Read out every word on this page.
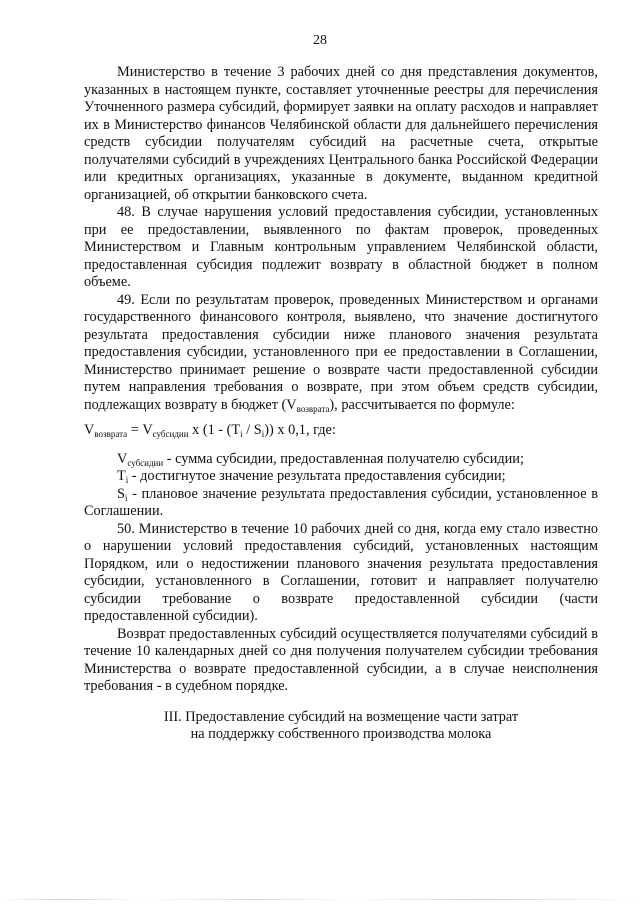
28

Министерство в течение 3 рабочих дней со дня представления документов, указанных в настоящем пункте, составляет уточненные реестры для перечисления Уточненного размера субсидий, формирует заявки на оплату расходов и направляет их в Министерство финансов Челябинской области для дальнейшего перечисления средств субсидии получателям субсидий на расчетные счета, открытые получателями субсидий в учреждениях Центрального банка Российской Федерации или кредитных организациях, указанные в документе, выданном кредитной организацией, об открытии банковского счета.

48. В случае нарушения условий предоставления субсидии, установленных при ее предоставлении, выявленного по фактам проверок, проведенных Министерством и Главным контрольным управлением Челябинской области, предоставленная субсидия подлежит возврату в областной бюджет в полном объеме.

49. Если по результатам проверок, проведенных Министерством и органами государственного финансового контроля, выявлено, что значение достигнутого результата предоставления субсидии ниже планового значения результата предоставления субсидии, установленного при ее предоставлении в Соглашении, Министерство принимает решение о возврате части предоставленной субсидии путем направления требования о возврате, при этом объем средств субсидии, подлежащих возврату в бюджет $(V_{возврата})$, рассчитывается по формуле:

$V_{возврата} = V_{субсидии}$ x $(1 - (T_i / S_i))$ x 0,1, где:

$V_{субсидии}$ - сумма субсидии, предоставленная получателю субсидии;

$T_i$ - достигнутое значение результата предоставления субсидии;

$S_i$ - плановое значение результата предоставления субсидии, установленное в Соглашении.

50. Министерство в течение 10 рабочих дней со дня, когда ему стало известно о нарушении условий предоставления субсидий, установленных настоящим Порядком, или о недостижении планового значения результата предоставления субсидии, установленного в Соглашении, готовит и направляет получателю субсидии требование о возврате предоставленной субсидии (части предоставленной субсидии).

Возврат предоставленных субсидий осуществляется получателями субсидий в течение 10 календарных дней со дня получения получателем субсидии требования Министерства о возврате предоставленной субсидии, а в случае неисполнения требования - в судебном порядке.

III. Предоставление субсидий на возмещение части затрат
на поддержку собственного производства молока
